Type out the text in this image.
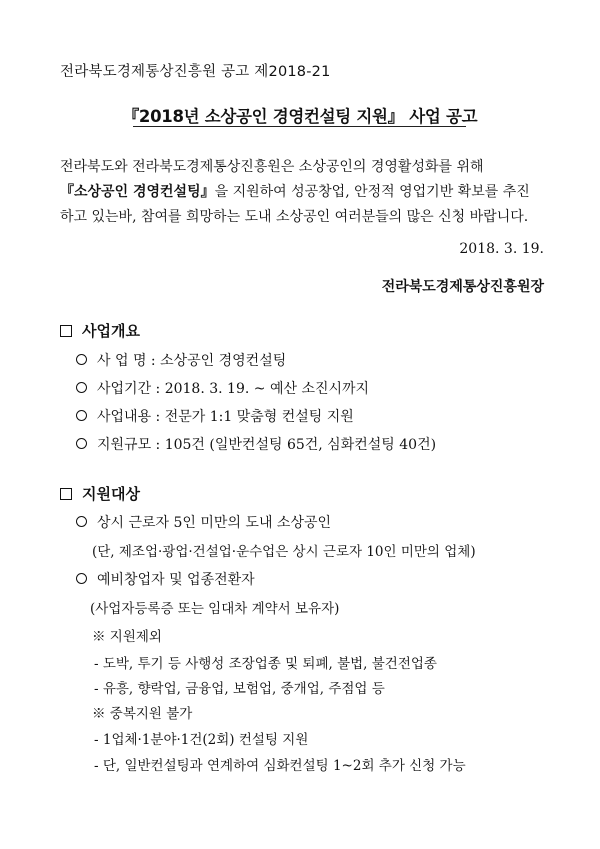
전라북도경제통상진흥원 공고 제2018-21
『2018년 소상공인 경영컨설팅 지원』 사업 공고
전라북도와 전라북도경제통상진흥원은 소상공인의 경영활성화를 위해
『소상공인 경영컨설팅』을 지원하여 성공창업, 안정적 영업기반 확보를 추진
하고 있는바, 참여를 희망하는 도내 소상공인 여러분들의 많은 신청 바랍니다.
2018. 3. 19.
전라북도경제통상진흥원장
사업개요
사 업 명 : 소상공인 경영컨설팅
사업기간 : 2018. 3. 19. ~ 예산 소진시까지
사업내용 : 전문가 1:1 맞춤형 컨설팅 지원
지원규모 : 105건 (일반컨설팅 65건, 심화컨설팅 40건)
지원대상
상시 근로자 5인 미만의 도내 소상공인
(단, 제조업·광업·건설업·운수업은 상시 근로자 10인 미만의 업체)
예비창업자 및 업종전환자
(사업자등록증 또는 임대차 계약서 보유자)
※ 지원제외
- 도박, 투기 등 사행성 조장업종 및 퇴폐, 불법, 불건전업종
- 유흥, 향락업, 금융업, 보험업, 중개업, 주점업 등
※ 중복지원 불가
- 1업체·1분야·1건(2회) 컨설팅 지원
- 단, 일반컨설팅과 연계하여 심화컨설팅 1~2회 추가 신청 가능
